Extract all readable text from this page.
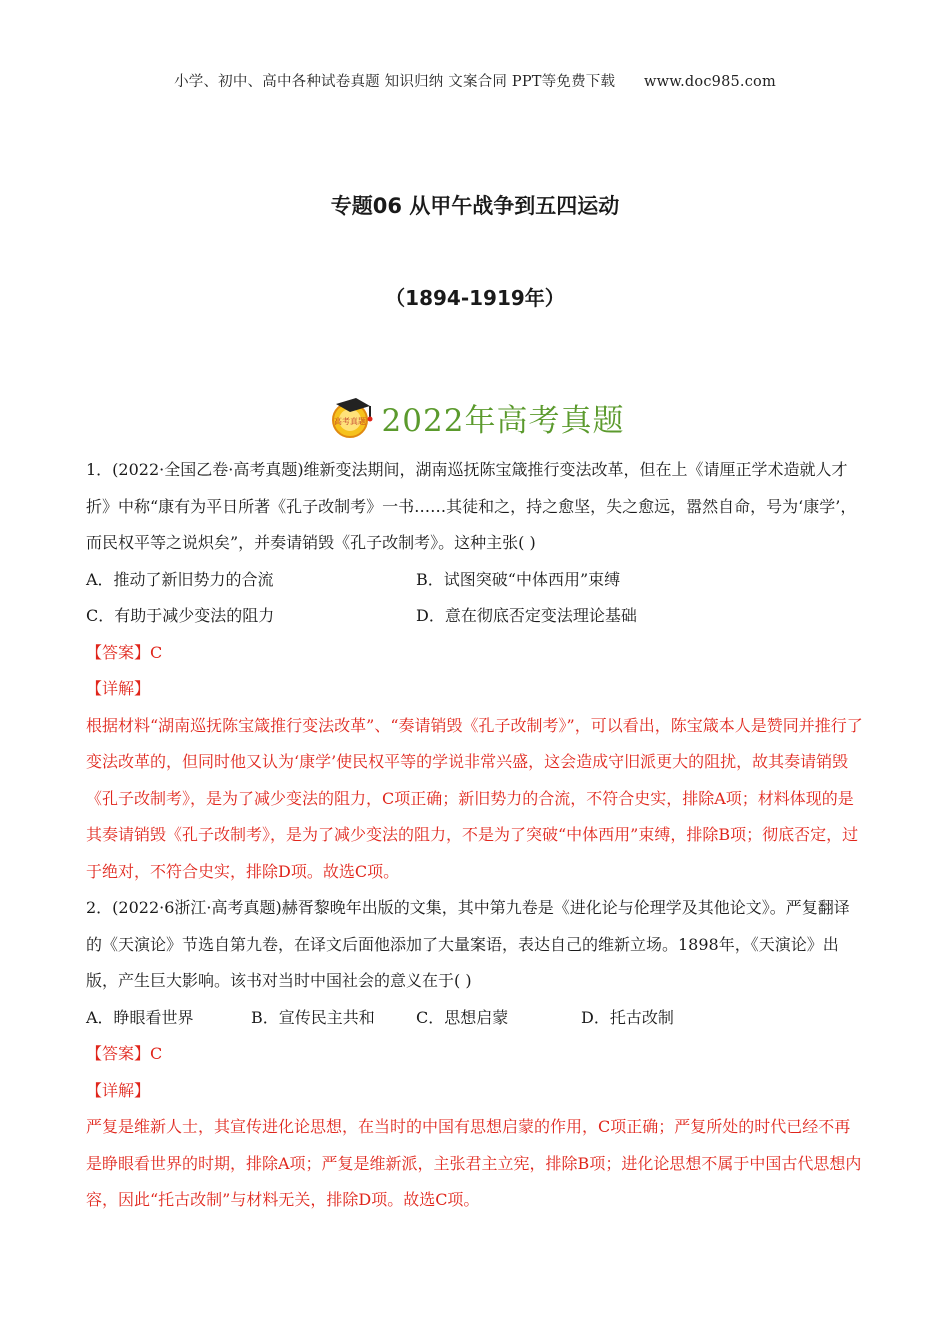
小学、初中、高中各种试卷真题 知识归纳 文案合同 PPT等免费下载 www.doc985.com
专题06 从甲午战争到五四运动
（1894-1919年）
高考真题 2022年高考真题

1．(2022·全国乙卷·高考真题)维新变法期间，湖南巡抚陈宝箴推行变法改革，但在上《请厘正学术造就人才折》中称“康有为平日所著《孔子改制考》一书……其徒和之，持之愈坚，失之愈远，嚣然自命，号为‘康学’，而民权平等之说炽矣”，并奏请销毁《孔子改制考》。这种主张( )

A．推动了新旧势力的合流	B．试图突破“中体西用”束缚
C．有助于减少变法的阻力	D．意在彻底否定变法理论基础

【答案】C

【详解】

根据材料“湖南巡抚陈宝箴推行变法改革”、“奏请销毁《孔子改制考》”，可以看出，陈宝箴本人是赞同并推行了变法改革的，但同时他又认为‘康学’使民权平等的学说非常兴盛，这会造成守旧派更大的阻扰，故其奏请销毁《孔子改制考》，是为了减少变法的阻力，C项正确；新旧势力的合流，不符合史实，排除A项；材料体现的是其奏请销毁《孔子改制考》，是为了减少变法的阻力，不是为了突破“中体西用”束缚，排除B项；彻底否定，过于绝对，不符合史实，排除D项。故选C项。

2．(2022·6浙江·高考真题)赫胥黎晚年出版的文集，其中第九卷是《进化论与伦理学及其他论文》。严复翻译的《天演论》节选自第九卷，在译文后面他添加了大量案语，表达自己的维新立场。1898年，《天演论》出版，产生巨大影响。该书对当时中国社会的意义在于( )

A．睁眼看世界	B．宣传民主共和	C．思想启蒙	D．托古改制

【答案】C

【详解】

严复是维新人士，其宣传进化论思想，在当时的中国有思想启蒙的作用，C项正确；严复所处的时代已经不再是睁眼看世界的时期，排除A项；严复是维新派，主张君主立宪，排除B项；进化论思想不属于中国古代思想内容，因此“托古改制”与材料无关，排除D项。故选C项。
